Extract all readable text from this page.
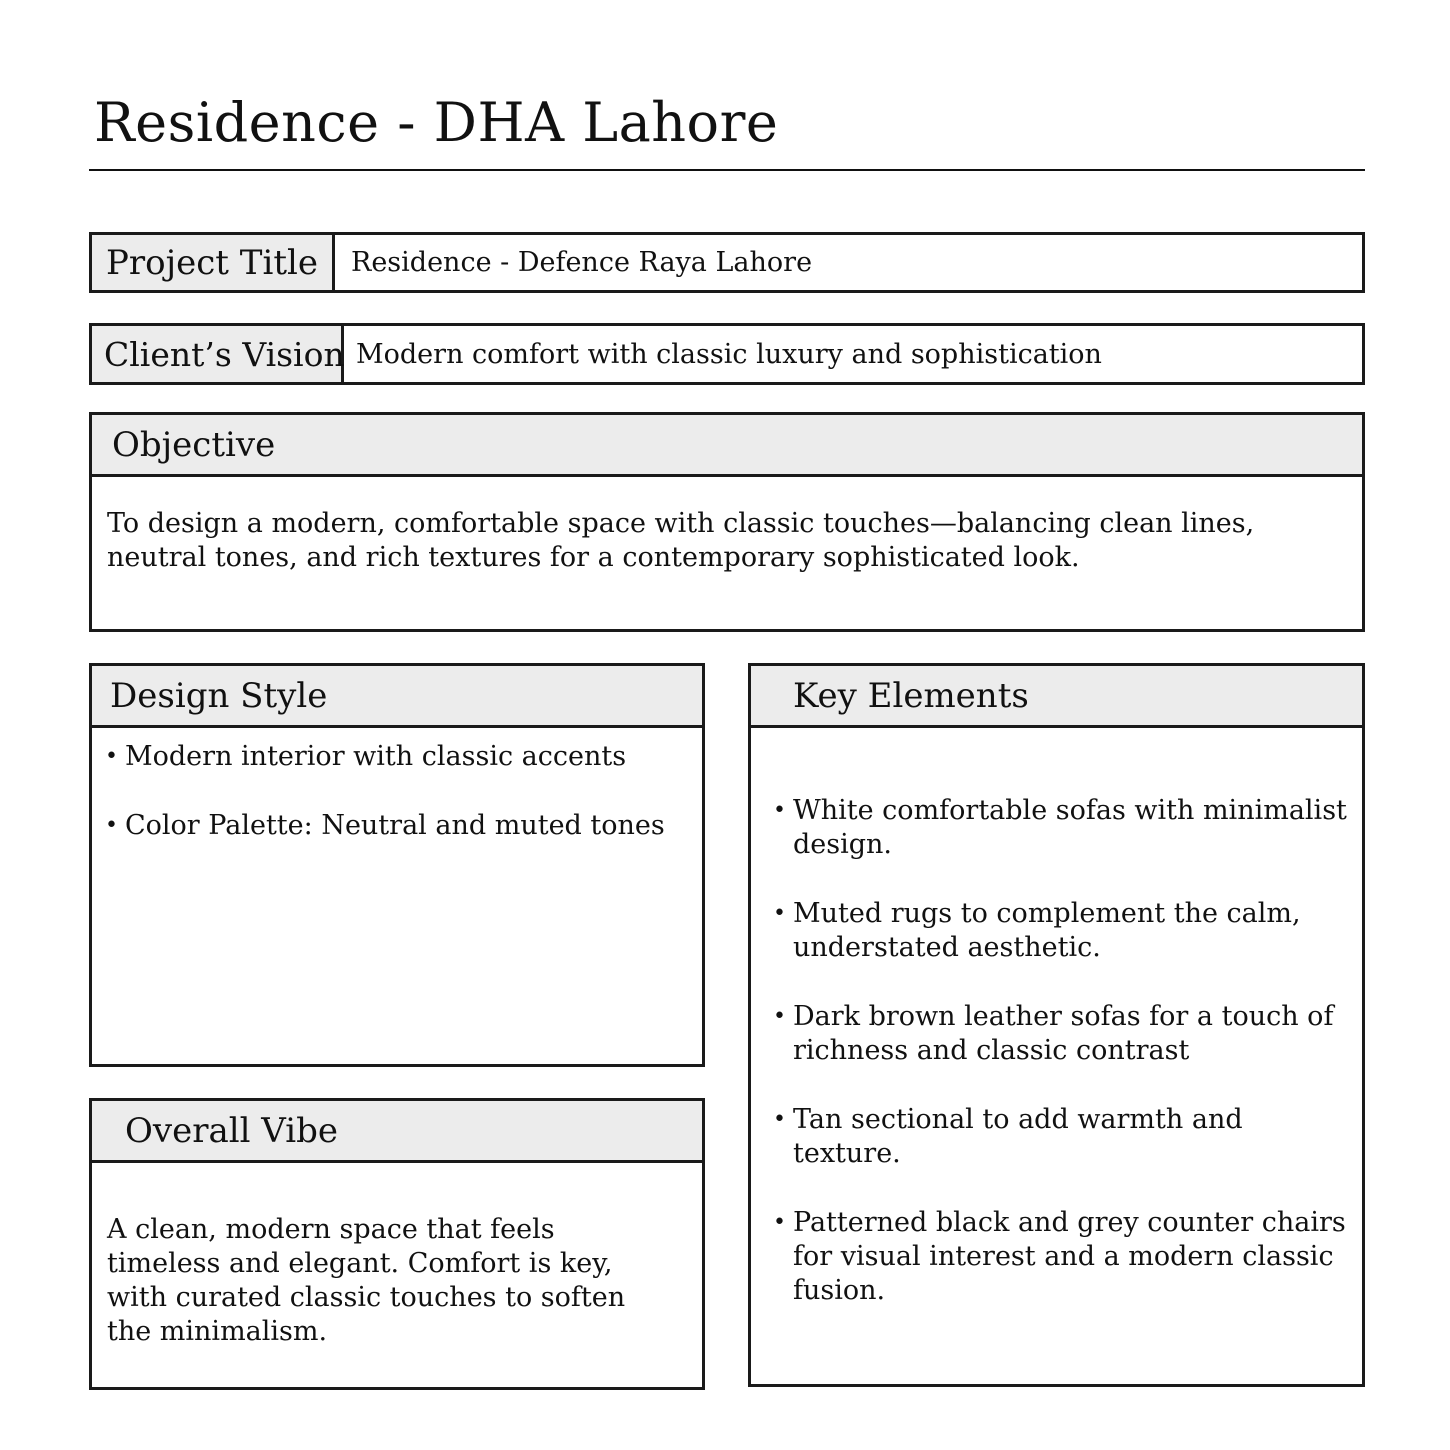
Residence - DHA Lahore
Project Title	Residence - Defence Raya Lahore
Client’s Vision Modern comfort with classic luxury and sophistication
Objective
To design a modern, comfortable space with classic touches—balancing clean lines, neutral tones, and rich textures for a contemporary sophisticated look.
Design Style
• Modern interior with classic accents
• Color Palette: Neutral and muted tones
Overall Vibe
A clean, modern space that feels timeless and elegant. Comfort is key, with curated classic touches to soften the minimalism.
Key Elements
• White comfortable sofas with minimalist design.
• Muted rugs to complement the calm, understated aesthetic.
• Dark brown leather sofas for a touch of richness and classic contrast
• Tan sectional to add warmth and texture.
• Patterned black and grey counter chairs for visual interest and a modern classic fusion.
